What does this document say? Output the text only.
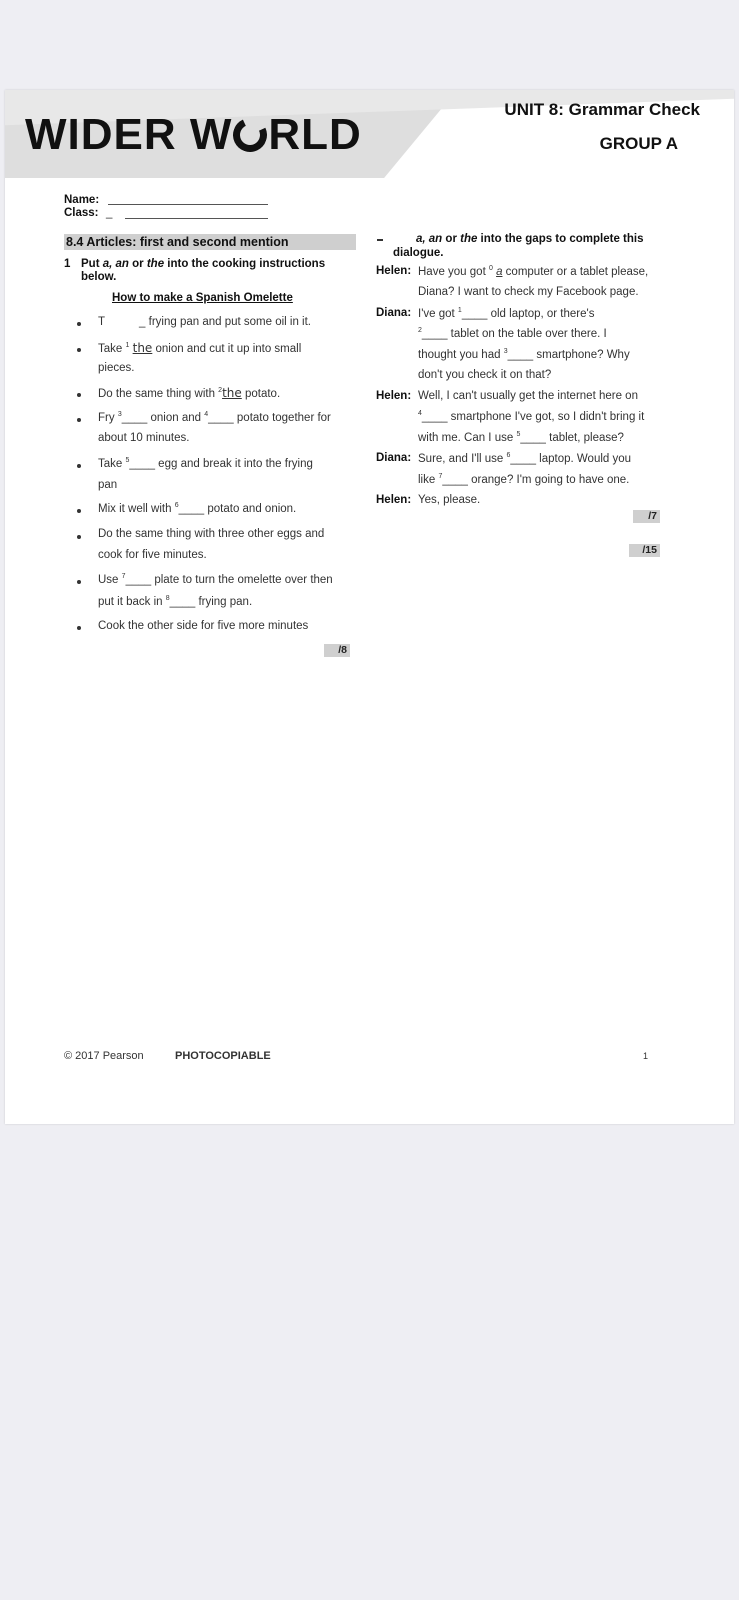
WIDER W RLD
UNIT 8: Grammar Check
GROUP A
Name:
Class: _
8.4 Articles: first and second mention
1 Put a, an or the into the cooking instructions
below.
How to make a Spanish Omelette
T	_ frying pan and put some oil in it.
Take $^1$ the onion and cut it up into small
pieces.
Do the same thing with $^2$the potato.
Fry $^3$____ onion and $^4$____ potato together for
about 10 minutes.
Take $^5$____ egg and break it into the frying
pan
Mix it well with $^6$____ potato and onion.
Do the same thing with three other eggs and
cook for five minutes.
Use $^7$____ plate to turn the omelette over then
put it back in $^8$____ frying pan.
Cook the other side for five more minutes
/8
a, an or the into the gaps to complete this
dialogue.
Helen: Have you got $^0$ a computer or a tablet please,
Diana? I want to check my Facebook page.
Diana: I've got $^1$____ old laptop, or there's
$^2$____ tablet on the table over there. I
thought you had $^3$____ smartphone? Why
don't you check it on that?
Helen: Well, I can't usually get the internet here on
$^4$____ smartphone I've got, so I didn't bring it
with me. Can I use $^5$____ tablet, please?
Diana: Sure, and I'll use $^6$____ laptop. Would you
like $^7$____ orange? I'm going to have one.
Helen: Yes, please.
/7
/15
© 2017 Pearson	PHOTOCOPIABLE	1
